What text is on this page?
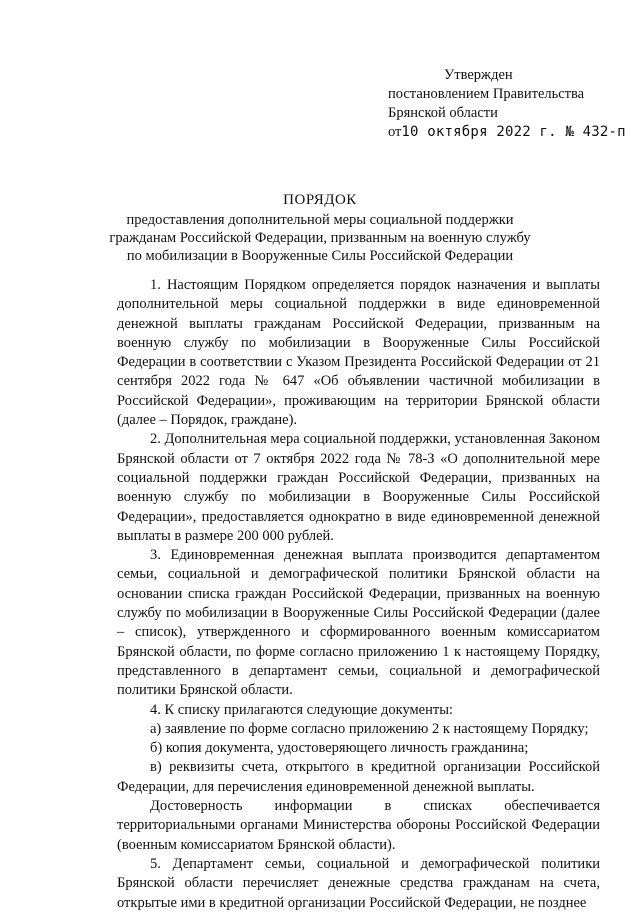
Утвержден
постановлением Правительства
Брянской области
от10 октября 2022 г. № 432-п
ПОРЯДОК
предоставления дополнительной меры социальной поддержки
гражданам Российской Федерации, призванным на военную службу
по мобилизации в Вооруженные Силы Российской Федерации

1. Настоящим Порядком определяется порядок назначения и выплаты дополнительной меры социальной поддержки в виде единовременной денежной выплаты гражданам Российской Федерации, призванным на военную службу по мобилизации в Вооруженные Силы Российской Федерации в соответствии с Указом Президента Российской Федерации от 21 сентября 2022 года № 647 «Об объявлении частичной мобилизации в Российской Федерации», проживающим на территории Брянской области (далее – Порядок, граждане).

2. Дополнительная мера социальной поддержки, установленная Законом Брянской области от 7 октября 2022 года № 78-З «О дополнительной мере социальной поддержки граждан Российской Федерации, призванных на военную службу по мобилизации в Вооруженные Силы Российской Федерации», предоставляется однократно в виде единовременной денежной выплаты в размере 200 000 рублей.

3. Единовременная денежная выплата производится департаментом семьи, социальной и демографической политики Брянской области на основании списка граждан Российской Федерации, призванных на военную службу по мобилизации в Вооруженные Силы Российской Федерации (далее – список), утвержденного и сформированного военным комиссариатом Брянской области, по форме согласно приложению 1 к настоящему Порядку, представленного в департамент семьи, социальной и демографической политики Брянской области.

4. К списку прилагаются следующие документы:

а) заявление по форме согласно приложению 2 к настоящему Порядку;

б) копия документа, удостоверяющего личность гражданина;

в) реквизиты счета, открытого в кредитной организации Российской Федерации, для перечисления единовременной денежной выплаты.

Достоверность информации в списках обеспечивается территориальными органами Министерства обороны Российской Федерации (военным комиссариатом Брянской области).

5. Департамент семьи, социальной и демографической политики Брянской области перечисляет денежные средства гражданам на счета, открытые ими в кредитной организации Российской Федерации, не позднее
